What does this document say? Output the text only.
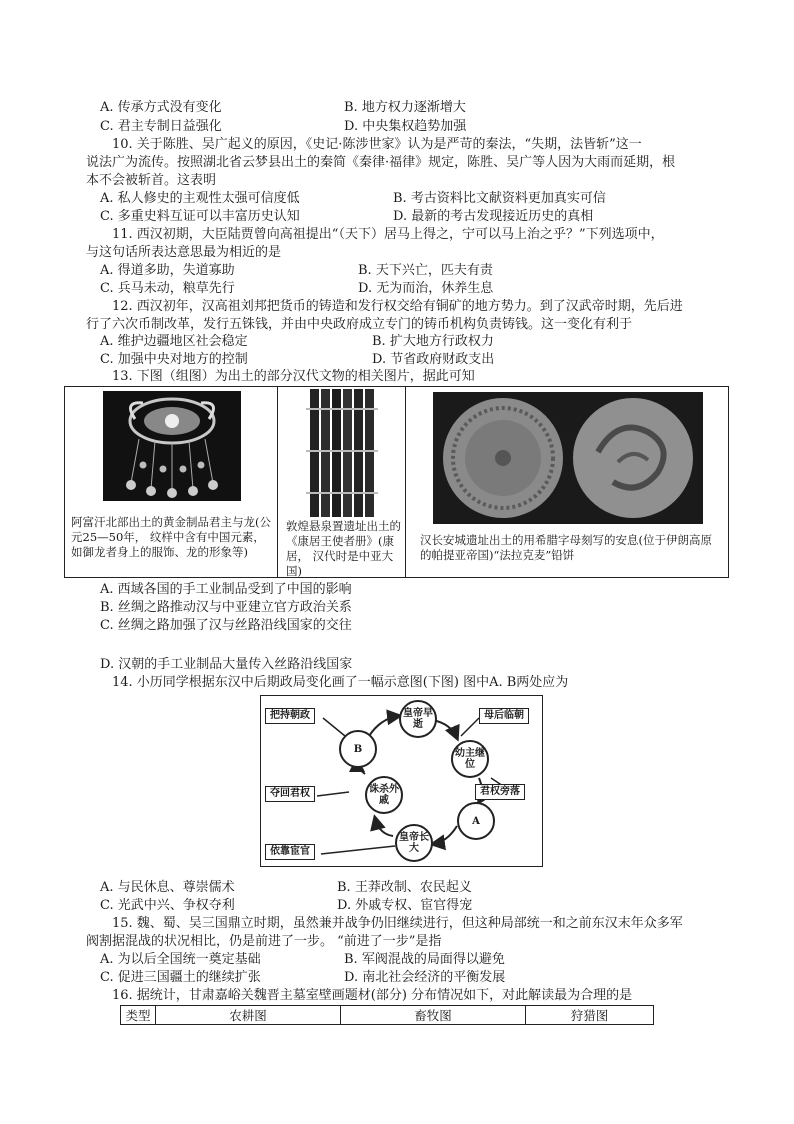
A. 传承方式没有变化	B. 地方权力逐渐增大
C. 君主专制日益强化	D. 中央集权趋势加强
10. 关于陈胜、吴广起义的原因，《史记·陈涉世家》认为是严苛的秦法，“失期，法皆斩”这一
说法广为流传。按照湖北省云梦县出土的秦简《秦律·福律》规定，陈胜、吴广等人因为大雨而延期，根
本不会被斩首。这表明
A. 私人修史的主观性太强可信度低	B. 考古资料比文献资料更加真实可信
C. 多重史料互证可以丰富历史认知	D. 最新的考古发现接近历史的真相
11. 西汉初期，大臣陆贾曾向高祖提出“（天下）居马上得之，宁可以马上治之乎？”下列选项中，
与这句话所表达意思最为相近的是
A. 得道多助，失道寡助	B. 天下兴亡，匹夫有责
C. 兵马未动，粮草先行	D. 无为而治，休养生息
12. 西汉初年，汉高祖刘邦把货币的铸造和发行权交给有铜矿的地方势力。到了汉武帝时期，先后进
行了六次币制改革，发行五铢钱，并由中央政府成立专门的铸币机构负责铸钱。这一变化有利于
A. 维护边疆地区社会稳定	B. 扩大地方行政权力
C. 加强中央对地方的控制	D. 节省政府财政支出
13. 下图（组图）为出土的部分汉代文物的相关图片，据此可知
阿富汗北部出土的黄金制品君主与龙(公元25—50年， 纹样中含有中国元素， 如御龙者身上的服饰、龙的形象等)
敦煌悬泉置遗址出土的《康居王使者册》(康居， 汉代时是中亚大国)
汉长安城遗址出土的用希腊字母刻写的安息(位于伊朗高原的帕提亚帝国)“法拉克麦”铅饼
A. 西域各国的手工业制品受到了中国的影响
B. 丝绸之路推动汉与中亚建立官方政治关系
C. 丝绸之路加强了汉与丝路沿线国家的交往
D. 汉朝的手工业制品大量传入丝路沿线国家
14. 小历同学根据东汉中后期政局变化画了一幅示意图(下图) 图中A. B两处应为
把持朝政
B
皇帝早逝
母后临朝
幼主继位
君权旁落
A
夺回君权	诛杀外戚
皇帝长大
依靠宦官
A. 与民休息、尊崇儒术	B. 王莽改制、农民起义
C. 光武中兴、争权夺利	D. 外戚专权、宦官得宠
15. 魏、蜀、吴三国鼎立时期，虽然兼并战争仍旧继续进行，但这种局部统一和之前东汉末年众多军
阀割据混战的状况相比，仍是前进了一步。 “前进了一步”是指
A. 为以后全国统一奠定基础	B. 军阀混战的局面得以避免
C. 促进三国疆土的继续扩张	D. 南北社会经济的平衡发展
16. 据统计，甘肃嘉峪关魏晋主墓室壁画题材(部分) 分布情况如下，对此解读最为合理的是
类型	农耕图	畜牧图	狩猎图
